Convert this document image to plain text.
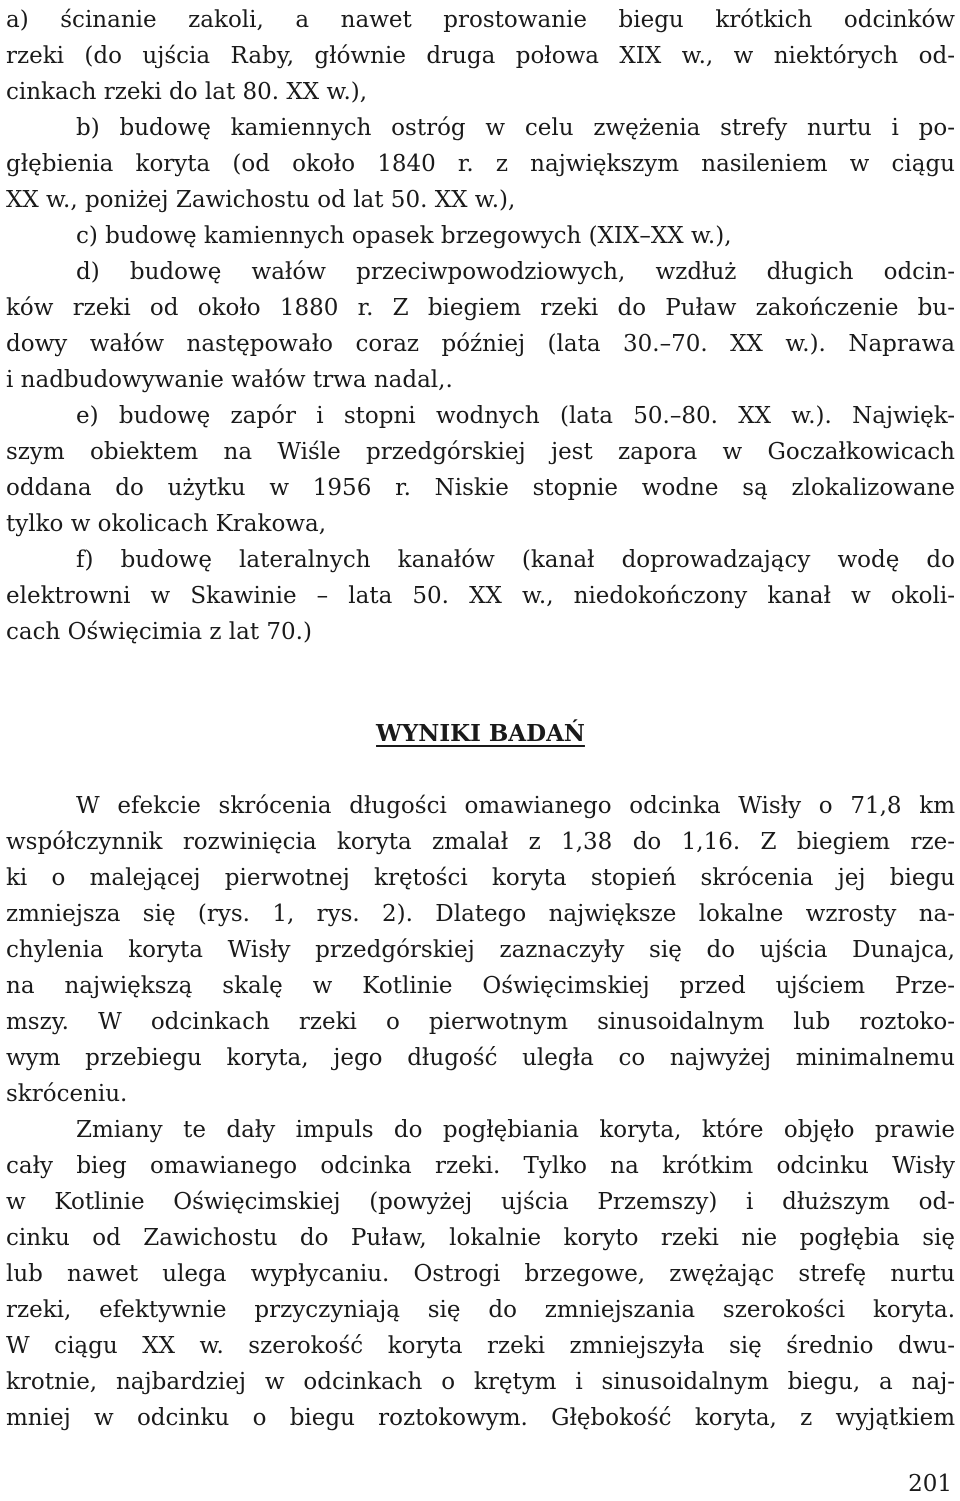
a) ścinanie zakoli, a nawet prostowanie biegu krótkich odcinków
rzeki (do ujścia Raby, głównie druga połowa XIX w., w niektórych od-
cinkach rzeki do lat 80. XX w.),
b) budowę kamiennych ostróg w celu zwężenia strefy nurtu i po-
głębienia koryta (od około 1840 r. z największym nasileniem w ciągu
XX w., poniżej Zawichostu od lat 50. XX w.),
c) budowę kamiennych opasek brzegowych (XIX–XX w.),
d) budowę wałów przeciwpowodziowych, wzdłuż długich odcin-
ków rzeki od około 1880 r. Z biegiem rzeki do Puław zakończenie bu-
dowy wałów następowało coraz później (lata 30.–70. XX w.). Naprawa
i nadbudowywanie wałów trwa nadal,.
e) budowę zapór i stopni wodnych (lata 50.–80. XX w.). Najwięk-
szym obiektem na Wiśle przedgórskiej jest zapora w Goczałkowicach
oddana do użytku w 1956 r. Niskie stopnie wodne są zlokalizowane
tylko w okolicach Krakowa,
f) budowę lateralnych kanałów (kanał doprowadzający wodę do
elektrowni w Skawinie – lata 50. XX w., niedokończony kanał w okoli-
cach Oświęcimia z lat 70.)
WYNIKI BADAŃ
W efekcie skrócenia długości omawianego odcinka Wisły o 71,8 km
współczynnik rozwinięcia koryta zmalał z 1,38 do 1,16. Z biegiem rze-
ki o malejącej pierwotnej krętości koryta stopień skrócenia jej biegu
zmniejsza się (rys. 1, rys. 2). Dlatego największe lokalne wzrosty na-
chylenia koryta Wisły przedgórskiej zaznaczyły się do ujścia Dunajca,
na największą skalę w Kotlinie Oświęcimskiej przed ujściem Prze-
mszy. W odcinkach rzeki o pierwotnym sinusoidalnym lub roztoko-
wym przebiegu koryta, jego długość uległa co najwyżej minimalnemu
skróceniu.
Zmiany te dały impuls do pogłębiania koryta, które objęło prawie
cały bieg omawianego odcinka rzeki. Tylko na krótkim odcinku Wisły
w Kotlinie Oświęcimskiej (powyżej ujścia Przemszy) i dłuższym od-
cinku od Zawichostu do Puław, lokalnie koryto rzeki nie pogłębia się
lub nawet ulega wypłycaniu. Ostrogi brzegowe, zwężając strefę nurtu
rzeki, efektywnie przyczyniają się do zmniejszania szerokości koryta.
W ciągu XX w. szerokość koryta rzeki zmniejszyła się średnio dwu-
krotnie, najbardziej w odcinkach o krętym i sinusoidalnym biegu, a naj-
mniej w odcinku o biegu roztokowym. Głębokość koryta, z wyjątkiem
201
